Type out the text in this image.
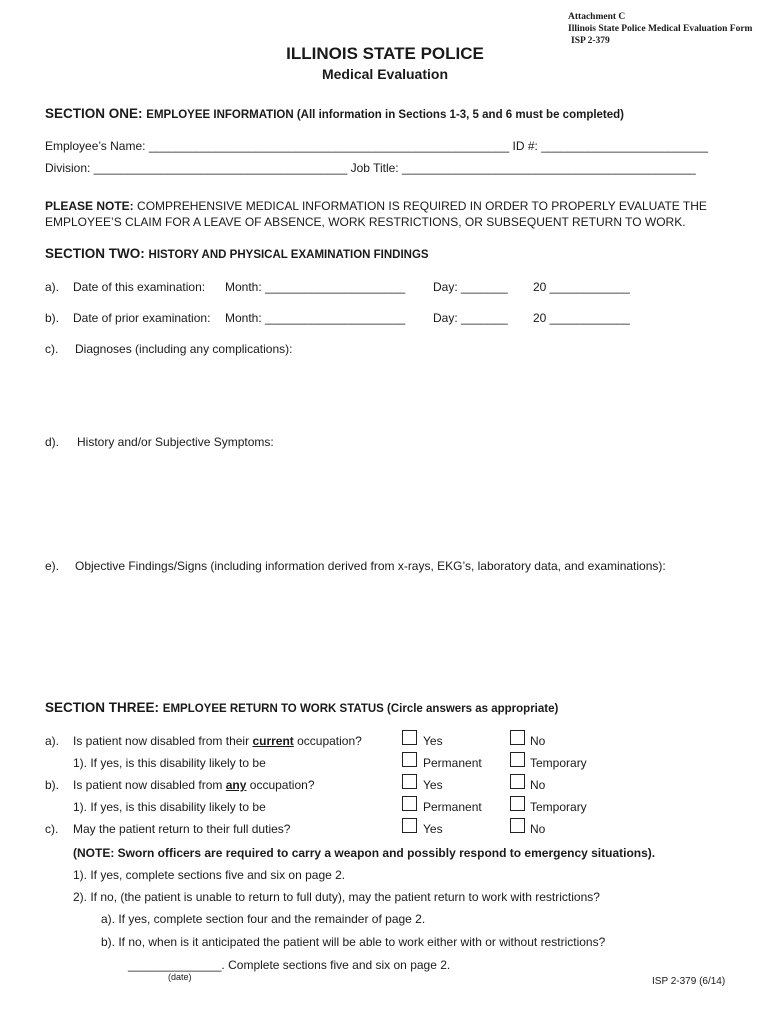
Attachment C
Illinois State Police Medical Evaluation Form
ISP 2-379
ILLINOIS STATE POLICE
Medical Evaluation
SECTION ONE: EMPLOYEE INFORMATION (All information in Sections 1-3, 5 and 6 must be completed)
Employee’s Name: ______________________________________________________ ID #: _________________________
Division: ______________________________________ Job Title: ____________________________________________
PLEASE NOTE: COMPREHENSIVE MEDICAL INFORMATION IS REQUIRED IN ORDER TO PROPERLY EVALUATE THE EMPLOYEE’S CLAIM FOR A LEAVE OF ABSENCE, WORK RESTRICTIONS, OR SUBSEQUENT RETURN TO WORK.
SECTION TWO: HISTORY AND PHYSICAL EXAMINATION FINDINGS
a). Date of this examination: Month: _____________________ Day: _______ 20 ____________
b). Date of prior examination: Month: _____________________ Day: _______ 20 ____________
c). Diagnoses (including any complications):
d). History and/or Subjective Symptoms:
e). Objective Findings/Signs (including information derived from x-rays, EKG’s, laboratory data, and examinations):
SECTION THREE: EMPLOYEE RETURN TO WORK STATUS (Circle answers as appropriate)
a). Is patient now disabled from their current occupation?	Yes	No
1). If yes, is this disability likely to be	Permanent	Temporary
b). Is patient now disabled from any occupation?	Yes	No
1). If yes, is this disability likely to be	Permanent	Temporary
c). May the patient return to their full duties?	Yes	No
(NOTE: Sworn officers are required to carry a weapon and possibly respond to emergency situations).
1). If yes, complete sections five and six on page 2.
2). If no, (the patient is unable to return to full duty), may the patient return to work with restrictions?
a). If yes, complete section four and the remainder of page 2.
b). If no, when is it anticipated the patient will be able to work either with or without restrictions?
______________. Complete sections five and six on page 2.
(date)	ISP 2-379 (6/14)
